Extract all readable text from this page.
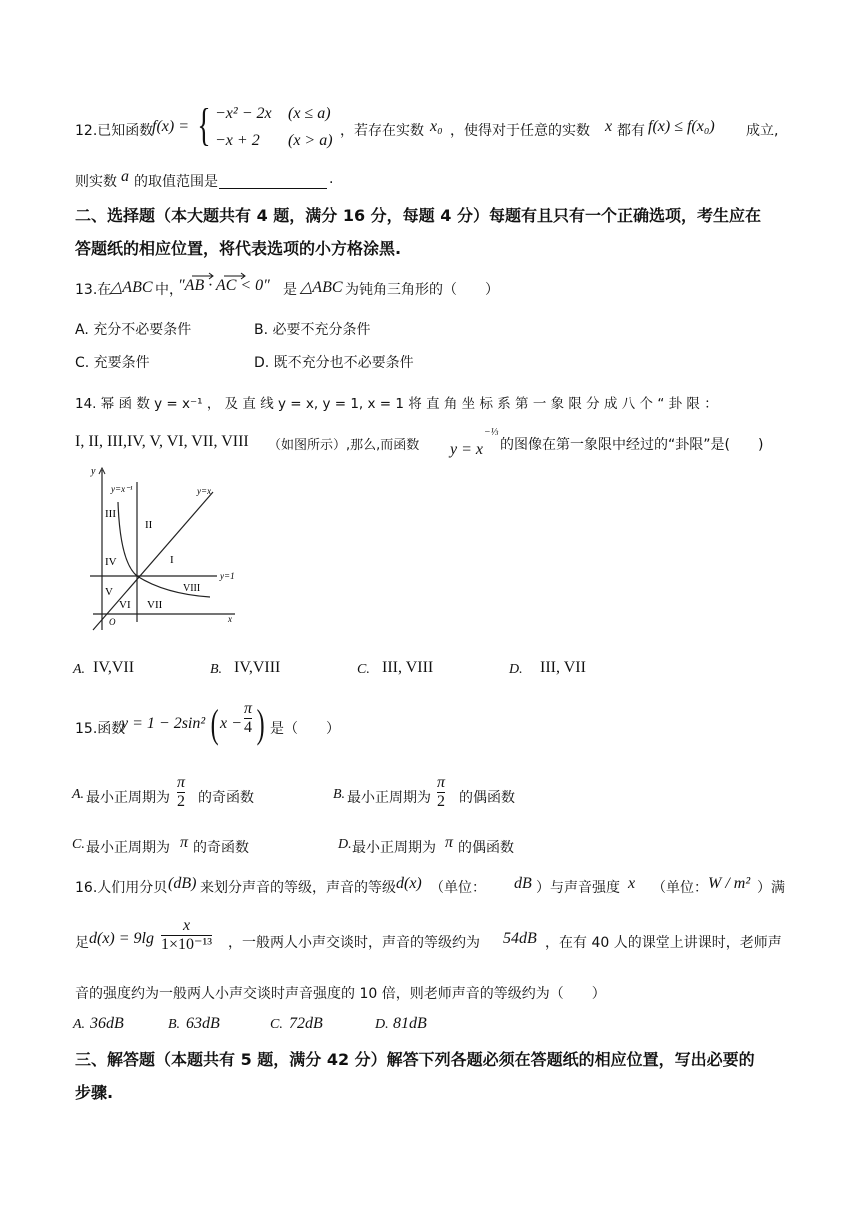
12.已知函数
f(x) = { −x² − 2x (x ≤ a)
−x + 2 (x > a)
，若存在实数 x₀ ，使得对于任意的实数 x 都有 f(x) ≤ f(x₀) 成立,
则实数 a 的取值范围是	.
二、选择题（本大题共有 4 题，满分 16 分，每题 4 分）每题有且只有一个正确选项，考生应在
答题纸的相应位置，将代表选项的小方格涂黑.
13.在
△ABC 中，
″AB · AC < 0″ 是 △ABC 为钝角三角形的（　　）
A. 充分不必要条件	B. 必要不充分条件
C. 充要条件	D. 既不充分也不必要条件
14. 幂 函 数 y = x⁻¹ ， 及 直 线 y = x, y = 1, x = 1 将 直 角 坐 标 系 第 一 象 限 分 成 八 个 “ 卦 限 ：
I, II, III,IV, V, VI, VII, VIII （如图所示）,那么,而函数 y = x
−⅓
的图像在第一象限中经过的“卦限”是(　　)
y
y=x⁻¹	y=x
y=1
x
O
I
II
III
IV
V
VI VII
VIII
A. IV,VII	B. IV,VIII	C. III, VIII	D. III, VII
15.函数
y = 1 − 2sin² ( $x - \frac{\pi}{4}$ ) 是（　　）
A. 最小正周期为 $\frac{\pi}{2}$ 的奇函数	B. 最小正周期为 $\frac{\pi}{2}$ 的偶函数
C. 最小正周期为 π 的奇函数	D. 最小正周期为 π 的偶函数
16.人们用分贝 (dB) 来划分声音的等级，声音的等级 d(x) （单位： dB ）与声音强度 x （单位： W / m² ）满
足 $d(x) = 9\lg \frac{x}{\text{1×10⁻¹³}}$ ，一般两人小声交谈时，声音的等级约为 54dB ，在有 40 人的课堂上讲课时，老师声
音的强度约为一般两人小声交谈时声音强度的 10 倍，则老师声音的等级约为（　　）
A. 36dB	B. 63dB	C. 72dB	D. 81dB
三、解答题（本题共有 5 题，满分 42 分）解答下列各题必须在答题纸的相应位置，写出必要的
步骤.
